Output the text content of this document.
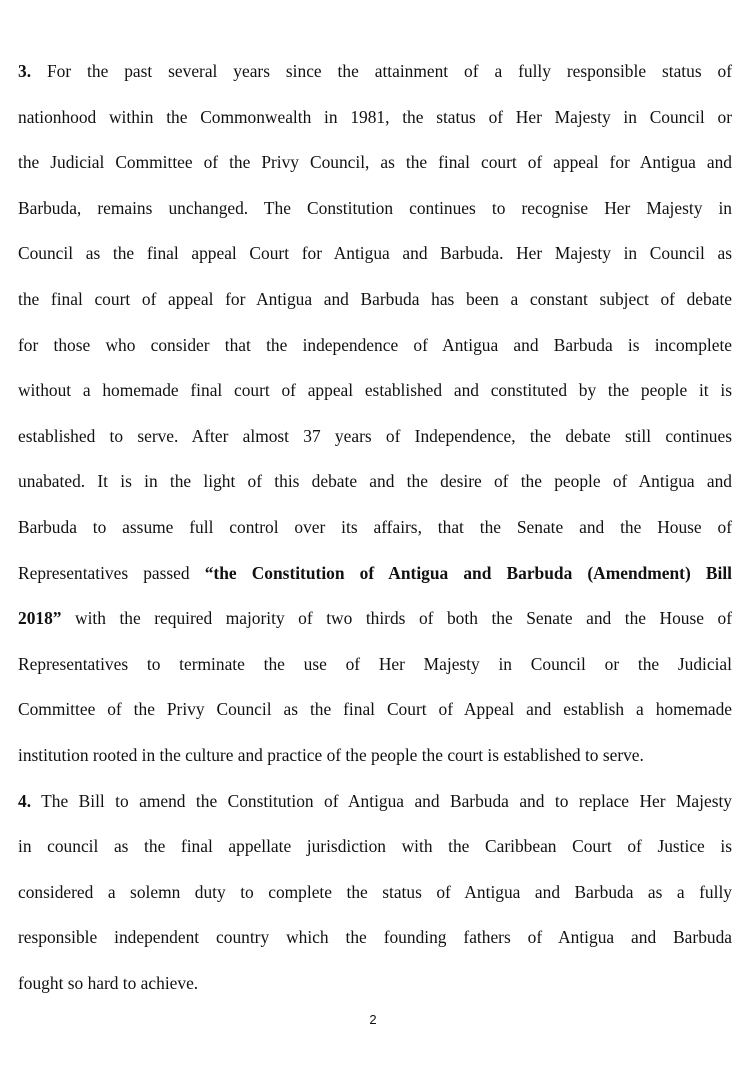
3. For the past several years since the attainment of a fully responsible status of
nationhood within the Commonwealth in 1981, the status of Her Majesty in Council or
the Judicial Committee of the Privy Council, as the final court of appeal for Antigua and
Barbuda, remains unchanged. The Constitution continues to recognise Her Majesty in
Council as the final appeal Court for Antigua and Barbuda. Her Majesty in Council as
the final court of appeal for Antigua and Barbuda has been a constant subject of debate
for those who consider that the independence of Antigua and Barbuda is incomplete
without a homemade final court of appeal established and constituted by the people it is
established to serve. After almost 37 years of Independence, the debate still continues
unabated. It is in the light of this debate and the desire of the people of Antigua and
Barbuda to assume full control over its affairs, that the Senate and the House of
Representatives passed “the Constitution of Antigua and Barbuda (Amendment) Bill
2018” with the required majority of two thirds of both the Senate and the House of
Representatives to terminate the use of Her Majesty in Council or the Judicial
Committee of the Privy Council as the final Court of Appeal and establish a homemade
institution rooted in the culture and practice of the people the court is established to serve.
4. The Bill to amend the Constitution of Antigua and Barbuda and to replace Her Majesty
in council as the final appellate jurisdiction with the Caribbean Court of Justice is
considered a solemn duty to complete the status of Antigua and Barbuda as a fully
responsible independent country which the founding fathers of Antigua and Barbuda
fought so hard to achieve.
2
